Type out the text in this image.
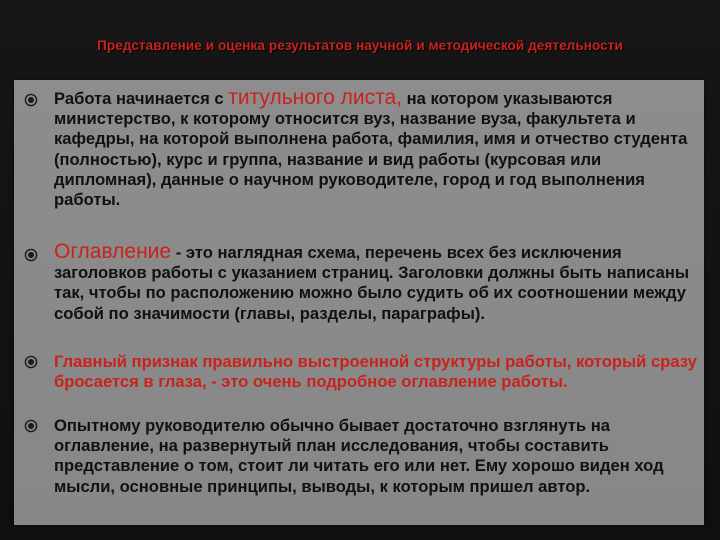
Представление и оценка результатов научной и методической деятельности
Работа начинается с титульного листа, на котором указываются министерство, к которому относится вуз, название вуза, факультета и кафедры, на которой выполнена работа, фамилия, имя и отчество студента (полностью), курс и группа, название и вид работы (курсовая или дипломная), данные о научном руководителе, город и год выполнения работы.
Оглавление - это наглядная схема, перечень всех без исключения заголовков работы с указанием страниц. Заголовки должны быть написаны так, чтобы по расположению можно было судить об их соотношении между собой по значимости (главы, разделы, параграфы).
Главный признак правильно выстроенной структуры работы, который сразу бросается в глаза, - это очень подробное оглавление работы.
Опытному руководителю обычно бывает достаточно взглянуть на оглавление, на развернутый план исследования, чтобы составить представление о том, стоит ли читать его или нет. Ему хорошо виден ход мысли, основные принципы, выводы, к которым пришел автор.
